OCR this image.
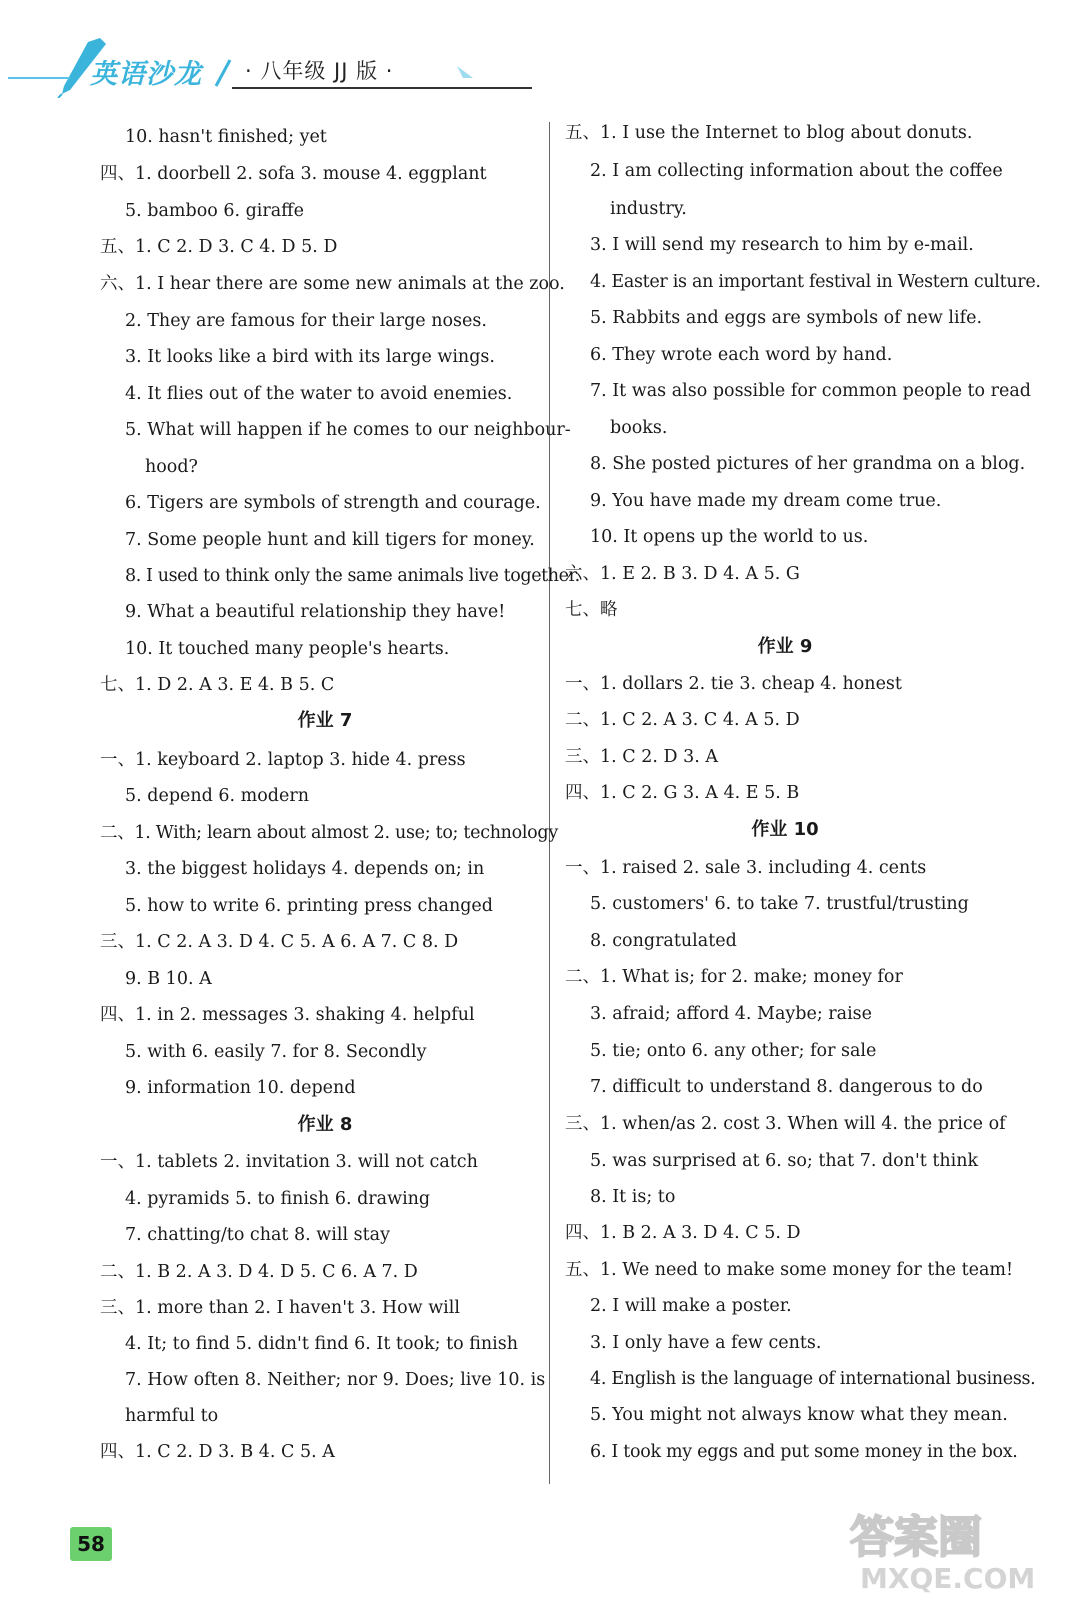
英语沙龙 · 八年级 JJ 版 ·
10. hasn't finished; yet
四、1. doorbell 2. sofa 3. mouse 4. eggplant
5. bamboo 6. giraffe
五、1. C 2. D 3. C 4. D 5. D
六、1. I hear there are some new animals at the zoo.
2. They are famous for their large noses.
3. It looks like a bird with its large wings.
4. It flies out of the water to avoid enemies.
5. What will happen if he comes to our neighbour-
hood?
6. Tigers are symbols of strength and courage.
7. Some people hunt and kill tigers for money.
8. I used to think only the same animals live together.
9. What a beautiful relationship they have!
10. It touched many people's hearts.
七、1. D 2. A 3. E 4. B 5. C
作业 7
一、1. keyboard 2. laptop 3. hide 4. press
5. depend 6. modern
二、1. With; learn about almost 2. use; to; technology
3. the biggest holidays 4. depends on; in
5. how to write 6. printing press changed
三、1. C 2. A 3. D 4. C 5. A 6. A 7. C 8. D
9. B 10. A
四、1. in 2. messages 3. shaking 4. helpful
5. with 6. easily 7. for 8. Secondly
9. information 10. depend
作业 8
一、1. tablets 2. invitation 3. will not catch
4. pyramids 5. to finish 6. drawing
7. chatting/to chat 8. will stay
二、1. B 2. A 3. D 4. D 5. C 6. A 7. D
三、1. more than 2. I haven't 3. How will
4. It; to find 5. didn't find 6. It took; to finish
7. How often 8. Neither; nor 9. Does; live 10. is
harmful to
四、1. C 2. D 3. B 4. C 5. A
五、1. I use the Internet to blog about donuts.
2. I am collecting information about the coffee
industry.
3. I will send my research to him by e-mail.
4. Easter is an important festival in Western culture.
5. Rabbits and eggs are symbols of new life.
6. They wrote each word by hand.
7. It was also possible for common people to read
books.
8. She posted pictures of her grandma on a blog.
9. You have made my dream come true.
10. It opens up the world to us.
六、1. E 2. B 3. D 4. A 5. G
七、略
作业 9
一、1. dollars 2. tie 3. cheap 4. honest
二、1. C 2. A 3. C 4. A 5. D
三、1. C 2. D 3. A
四、1. C 2. G 3. A 4. E 5. B
作业 10
一、1. raised 2. sale 3. including 4. cents
5. customers' 6. to take 7. trustful/trusting
8. congratulated
二、1. What is; for 2. make; money for
3. afraid; afford 4. Maybe; raise
5. tie; onto 6. any other; for sale
7. difficult to understand 8. dangerous to do
三、1. when/as 2. cost 3. When will 4. the price of
5. was surprised at 6. so; that 7. don't think
8. It is; to
四、1. B 2. A 3. D 4. C 5. D
五、1. We need to make some money for the team!
2. I will make a poster.
3. I only have a few cents.
4. English is the language of international business.
5. You might not always know what they mean.
6. I took my eggs and put some money in the box.
58	答案圈
MXQE.COM
